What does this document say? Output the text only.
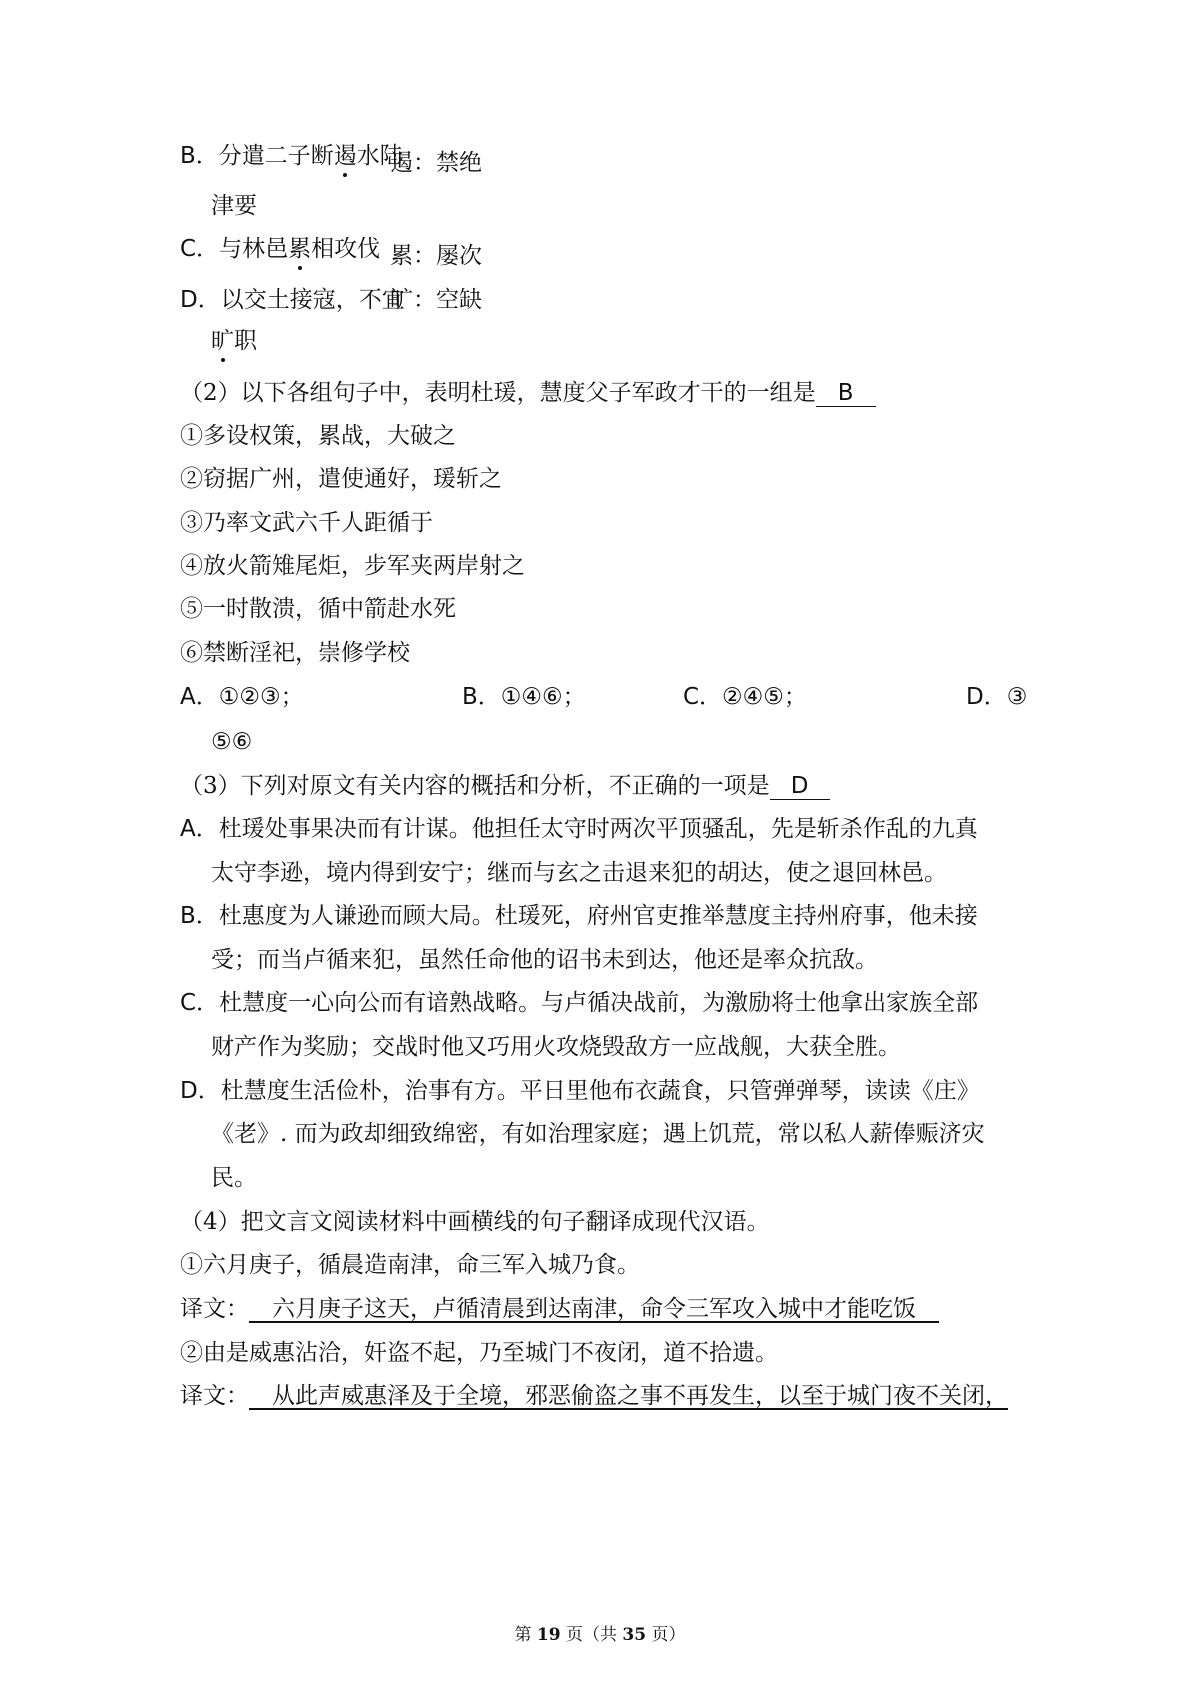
B．分遣二子断遏水陆
遏：禁绝
津要
C．与林邑累相攻伐 累：屡次
D．以交土接寇，不宜
旷：空缺
旷职
（2）以下各组句子中，表明杜瑗，慧度父子军政才干的一组是 B
①多设权策，累战，大破之
②窃据广州，遣使通好，瑗斩之
③乃率文武六千人距循于
④放火箭雉尾炬，步军夹两岸射之
⑤一时散溃，循中箭赴水死
⑥禁断淫祀，崇修学校
A．①②③；	B．①④⑥；	C．②④⑤；	D．③
⑤⑥
（3）下列对原文有关内容的概括和分析，不正确的一项是 D
A．杜瑗处事果决而有计谋。他担任太守时两次平顶骚乱，先是斩杀作乱的九真
太守李逊，境内得到安宁；继而与玄之击退来犯的胡达，使之退回林邑。
B．杜惠度为人谦逊而顾大局。杜瑗死，府州官吏推举慧度主持州府事，他未接
受；而当卢循来犯，虽然任命他的诏书未到达，他还是率众抗敌。
C．杜慧度一心向公而有谙熟战略。与卢循决战前，为激励将士他拿出家族全部
财产作为奖励；交战时他又巧用火攻烧毁敌方一应战舰，大获全胜。
D．杜慧度生活俭朴，治事有方。平日里他布衣蔬食，只管弹弹琴，读读《庄》
《老》. 而为政却细致绵密，有如治理家庭；遇上饥荒，常以私人薪俸赈济灾
民。
（4）把文言文阅读材料中画横线的句子翻译成现代汉语。
①六月庚子，循晨造南津，命三军入城乃食。
译文：  六月庚子这天，卢循清晨到达南津，命令三军攻入城中才能吃饭 
②由是威惠沾洽，奸盗不起，乃至城门不夜闭，道不拾遗。
译文：  从此声威惠泽及于全境，邪恶偷盗之事不再发生，以至于城门夜不关闭，
第 19 页（共 35 页）
